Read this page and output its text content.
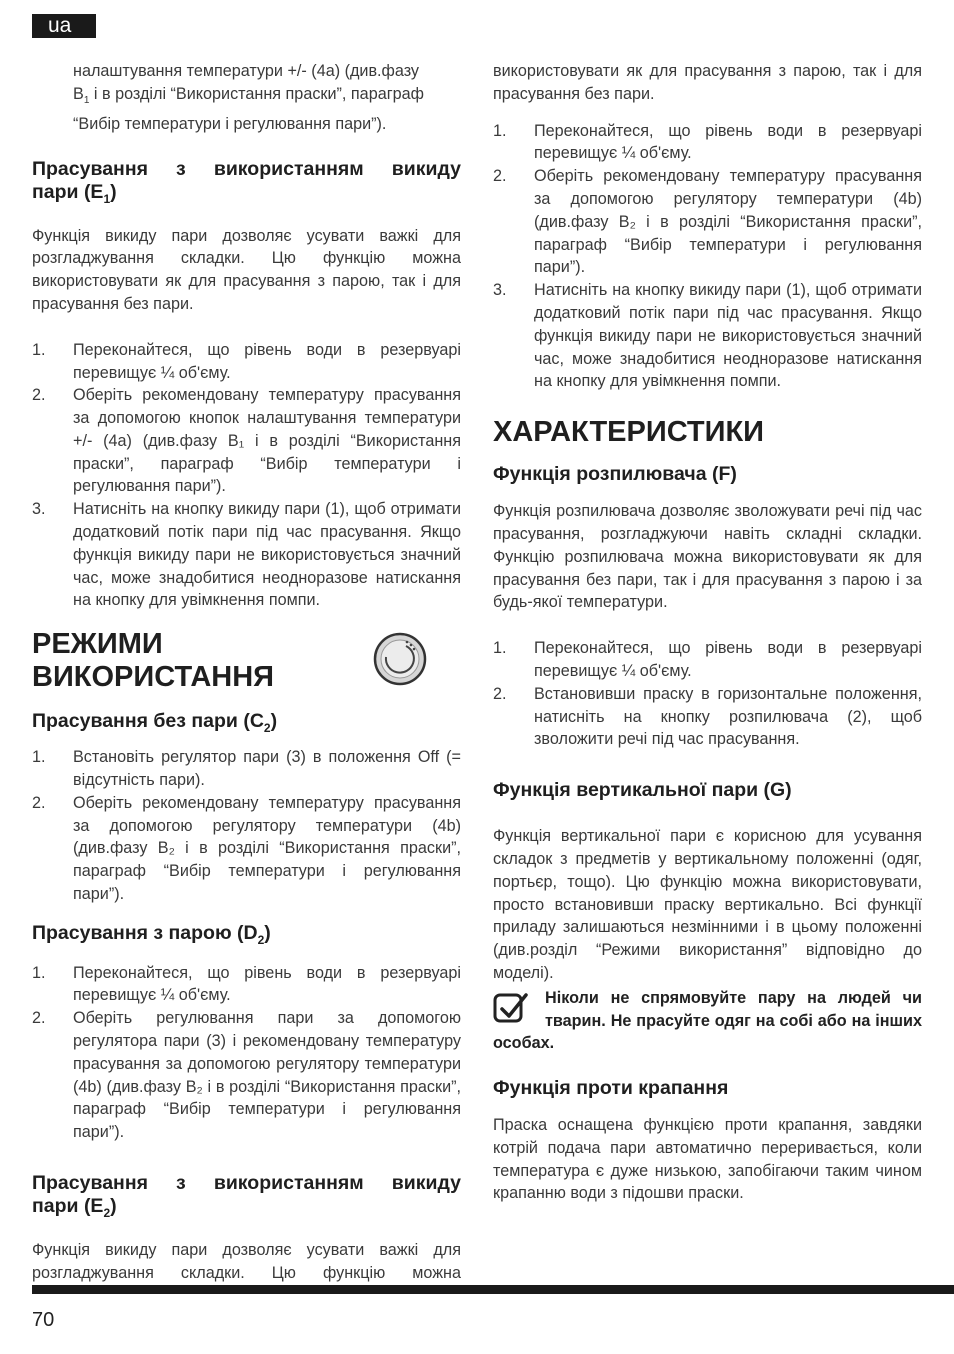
ua
налаштування температури +/- (4a) (див.фазу
$B_1$ і в розділі “Використання праски”, параграф
“Вибір температури і регулювання пари”).
Прасування з використанням викиду
пари $(E_1)$

Функція викиду пари дозволяє усувати важкі для розгладжування складки. Цю функцію можна використовувати як для прасування з парою, так і для прасування без пари.

1. Переконайтеся, що рівень води в резервуарі перевищує ¼ об'єму.
2. Оберіть рекомендовану температуру прасування за допомогою кнопок налаштування температури +/- (4a) (див.фазу B₁ і в розділі “Використання праски”, параграф “Вибір температури і регулювання пари”).
3. Натисніть на кнопку викиду пари (1), щоб отримати додатковий потік пари під час прасування. Якщо функція викиду пари не використовується значний час, може знадобитися неодноразове натискання на кнопку для увімкнення помпи.
РЕЖИМИ
ВИКОРИСТАННЯ
Прасування без пари $(C_2)$
1. Встановіть регулятор пари (3) в положення Off (= відсутність пари).
2. Оберіть рекомендовану температуру прасування за допомогою регулятору температури (4b) (див.фазу B₂ і в розділі “Використання праски”, параграф “Вибір температури і регулювання пари”).
Прасування з парою $(D_2)$
1. Переконайтеся, що рівень води в резервуарі перевищує ¼ об'єму.
2. Оберіть регулювання пари за допомогою регулятора пари (3) і рекомендовану температуру прасування за допомогою регулятору температури (4b) (див.фазу B₂ і в розділі “Використання праски”, параграф “Вибір температури і регулювання пари”).
Прасування з використанням викиду
пари $(E_2)$

Функція викиду пари дозволяє усувати важкі для розгладжування складки. Цю функцію можна

використовувати як для прасування з парою, так і для прасування без пари.

1. Переконайтеся, що рівень води в резервуарі перевищує ¼ об'єму.
2. Оберіть рекомендовану температуру прасування за допомогою регулятору температури (4b) (див.фазу B₂ і в розділі “Використання праски”, параграф “Вибір температури і регулювання пари”).
3. Натисніть на кнопку викиду пари (1), щоб отримати додатковий потік пари під час прасування. Якщо функція викиду пари не використовується значний час, може знадобитися неодноразове натискання на кнопку для увімкнення помпи.
ХАРАКТЕРИСТИКИ
Функція розпилювача (F)

Функція розпилювача дозволяє зволожувати речі під час прасування, розгладжуючи навіть складні складки. Функцію розпилювача можна використовувати як для прасування без пари, так і для прасування з парою і за будь-якої температури.

1. Переконайтеся, що рівень води в резервуарі перевищує ¼ об'єму.
2. Встановивши праску в горизонтальне положення, натисніть на кнопку розпилювача (2), щоб зволожити речі під час прасування.
Функція вертикальної пари (G)

Функція вертикальної пари є корисною для усування складок з предметів у вертикальному положенні (одяг, портьєр, тощо). Цю функцію можна використовувати, просто встановивши праску вертикально. Всі функції приладу залишаються незмінними і в цьому положенні (див.розділ “Режими використання” відповідно до моделі).

Ніколи не спрямовуйте пару на людей чи

тварин. Не прасуйте одяг на собі або на інших особах.

Функція проти крапання

Праска оснащена функцією проти крапання, завдяки котрій подача пари автоматично переривається, коли температура є дуже низькою, запобігаючи таким чином крапанню води з підошви праски.

70
